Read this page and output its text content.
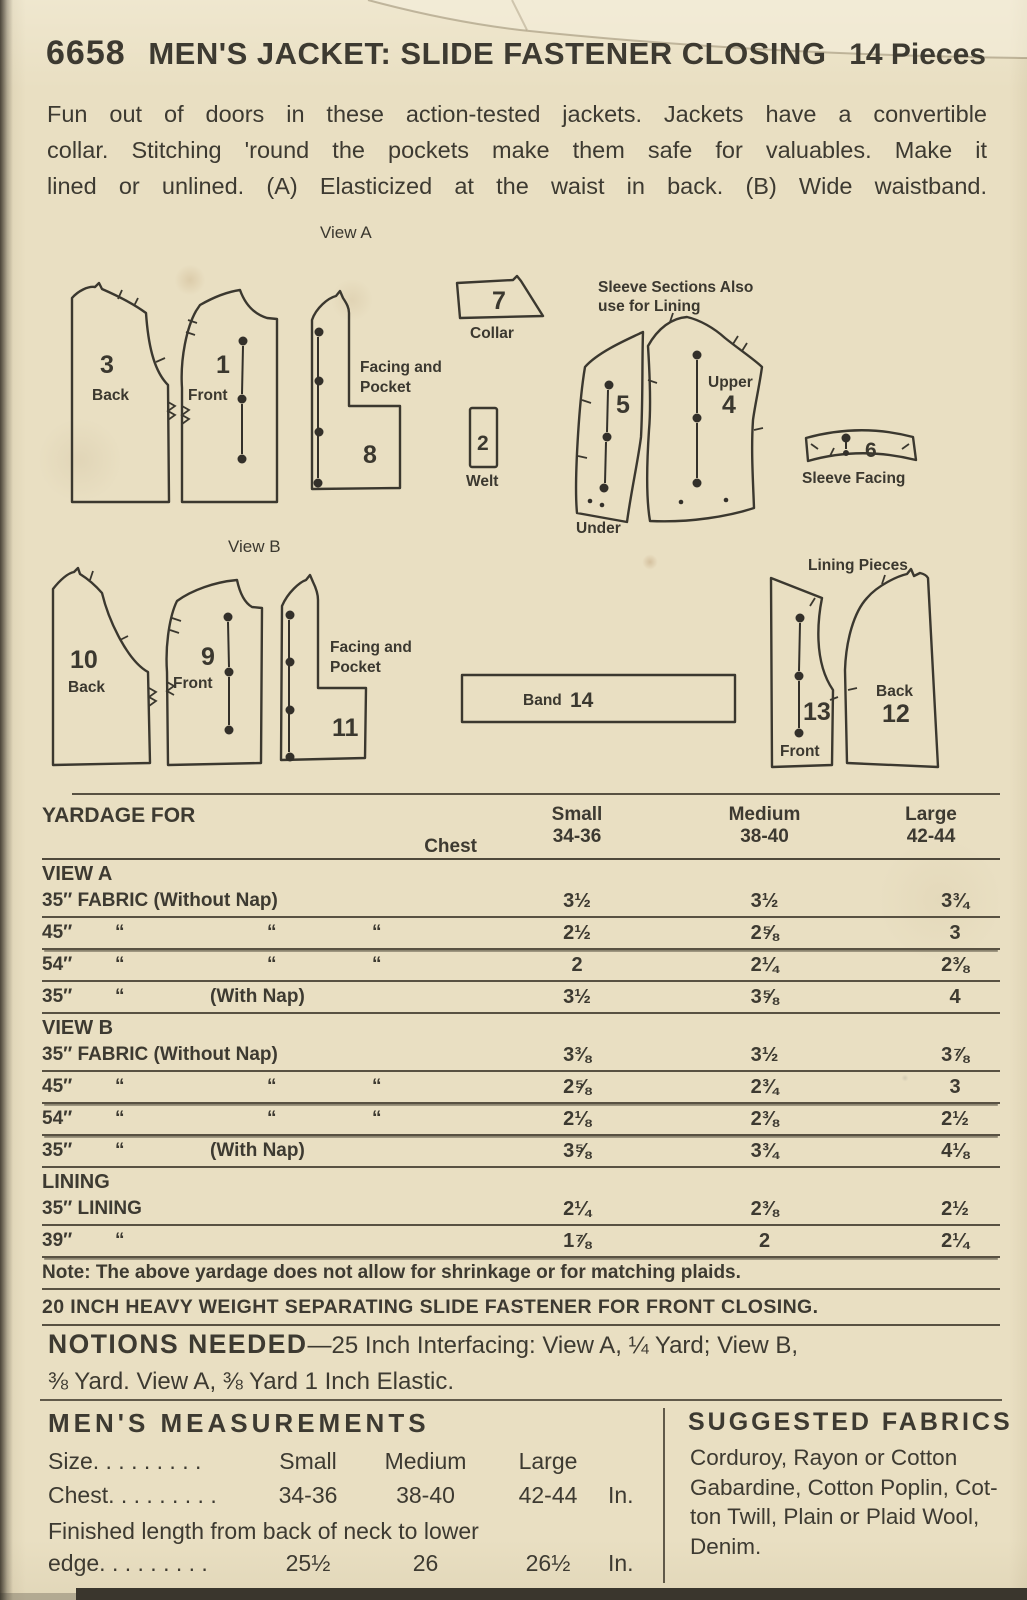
6658 MEN'S JACKET: SLIDE FASTENER CLOSING 14 Pieces
Fun out of doors in these action-tested jackets. Jackets have a convertible
collar. Stitching 'round the pockets make them safe for valuables. Make it
lined or unlined. (A) Elasticized at the waist in back. (B) Wide waistband.
View A
3
Back
1
Front
Facing and
Pocket
8
7
Collar
2
Welt
Sleeve Sections Also
use for Lining
5
Under
Upper
4
6
Sleeve Facing
View B
10
Back
9
Front
Facing and
Pocket
11
Band 14
Lining Pieces
13
Front
Back
12
YARDAGE FOR
Chest
Small
34-36
Medium
38-40
Large
42-44
VIEW A
35″ FABRIC (Without Nap)	3½	3½	3¾
45″ “	“	“	2½	2⅝	3
54″ “	“	“	2	2¼	2⅜
35″ “	(With Nap)	3½	3⅝	4
VIEW B
35″ FABRIC (Without Nap)	3⅜	3½	3⅞
45″ “	“	“	2⅝	2¾	3
54″ “	“	“	2⅛	2⅜	2½
35″ “	(With Nap)	3⅝	3¾	4⅛
LINING
35″ LINING	2¼	2⅜	2½
39″ “	1⅞	2	2¼
Note: The above yardage does not allow for shrinkage or for matching plaids.
20 INCH HEAVY WEIGHT SEPARATING SLIDE FASTENER FOR FRONT CLOSING.
NOTIONS NEEDED—25 Inch Interfacing: View A, ¼ Yard; View B,
⅜ Yard. View A, ⅜ Yard 1 Inch Elastic.
MEN'S MEASUREMENTS
Size. . . . . . . . .	Small	Medium	Large
Chest. . . . . . . . .	34-36	38-40	42-44	In.
Finished length from back of neck to lower
edge. . . . . . . . .	25½	26	26½	In.
SUGGESTED FABRICS
Corduroy, Rayon or Cotton
Gabardine, Cotton Poplin, Cot-
ton Twill, Plain or Plaid Wool,
Denim.
